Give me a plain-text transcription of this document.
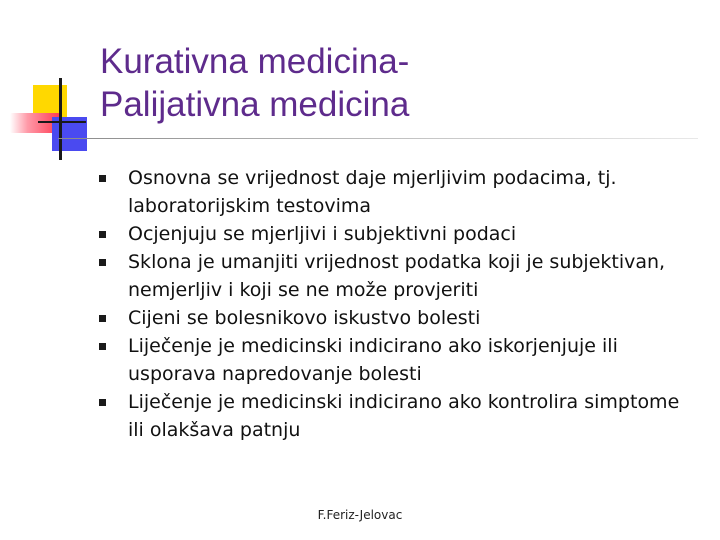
Kurativna medicina-
Palijativna medicina
Osnovna se vrijednost daje mjerljivim podacima, tj. laboratorijskim testovima
Ocjenjuju se mjerljivi i subjektivni podaci
Sklona je umanjiti vrijednost podatka koji je subjektivan, nemjerljiv i koji se ne može provjeriti
Cijeni se bolesnikovo iskustvo bolesti
Liječenje je medicinski indicirano ako iskorjenjuje ili usporava napredovanje bolesti
Liječenje je medicinski indicirano ako kontrolira simptome ili olakšava patnju
F.Feriz-Jelovac
